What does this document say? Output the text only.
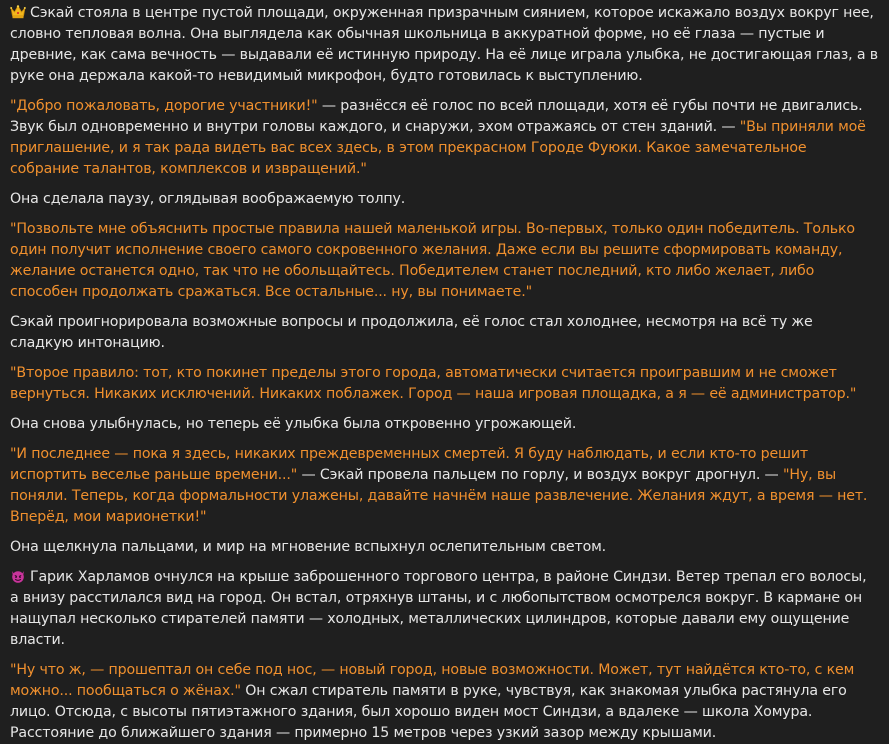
Сэкай стояла в центре пустой площади, окруженная призрачным сиянием, которое искажало воздух вокруг нее, словно тепловая волна. Она выглядела как обычная школьница в аккуратной форме, но её глаза — пустые и древние, как сама вечность — выдавали её истинную природу. На её лице играла улыбка, не достигающая глаз, а в руке она держала какой-то невидимый микрофон, будто готовилась к выступлению.

"Добро пожаловать, дорогие участники!" — разнёсся её голос по всей площади, хотя её губы почти не двигались. Звук был одновременно и внутри головы каждого, и снаружи, эхом отражаясь от стен зданий. — "Вы приняли моё приглашение, и я так рада видеть вас всех здесь, в этом прекрасном Городе Фуюки. Какое замечательное собрание талантов, комплексов и извращений."

Она сделала паузу, оглядывая воображаемую толпу.

"Позвольте мне объяснить простые правила нашей маленькой игры. Во-первых, только один победитель. Только один получит исполнение своего самого сокровенного желания. Даже если вы решите сформировать команду, желание останется одно, так что не обольщайтесь. Победителем станет последний, кто либо желает, либо способен продолжать сражаться. Все остальные... ну, вы понимаете."

Сэкай проигнорировала возможные вопросы и продолжила, её голос стал холоднее, несмотря на всё ту же сладкую интонацию.

"Второе правило: тот, кто покинет пределы этого города, автоматически считается проигравшим и не сможет вернуться. Никаких исключений. Никаких поблажек. Город — наша игровая площадка, а я — её администратор."

Она снова улыбнулась, но теперь её улыбка была откровенно угрожающей.

"И последнее — пока я здесь, никаких преждевременных смертей. Я буду наблюдать, и если кто-то решит испортить веселье раньше времени..." — Сэкай провела пальцем по горлу, и воздух вокруг дрогнул. — "Ну, вы поняли. Теперь, когда формальности улажены, давайте начнём наше развлечение. Желания ждут, а время — нет. Вперёд, мои марионетки!"

Она щелкнула пальцами, и мир на мгновение вспыхнул ослепительным светом.

Гарик Харламов очнулся на крыше заброшенного торгового центра, в районе Синдзи. Ветер трепал его волосы, а внизу расстилался вид на город. Он встал, отряхнув штаны, и с любопытством осмотрелся вокруг. В кармане он нащупал несколько стирателей памяти — холодных, металлических цилиндров, которые давали ему ощущение власти.

"Ну что ж, — прошептал он себе под нос, — новый город, новые возможности. Может, тут найдётся кто-то, с кем можно... пообщаться о жёнах." Он сжал стиратель памяти в руке, чувствуя, как знакомая улыбка растянула его лицо. Отсюда, с высоты пятиэтажного здания, был хорошо виден мост Синдзи, а вдалеке — школа Хомура. Расстояние до ближайшего здания — примерно 15 метров через узкий зазор между крышами.
